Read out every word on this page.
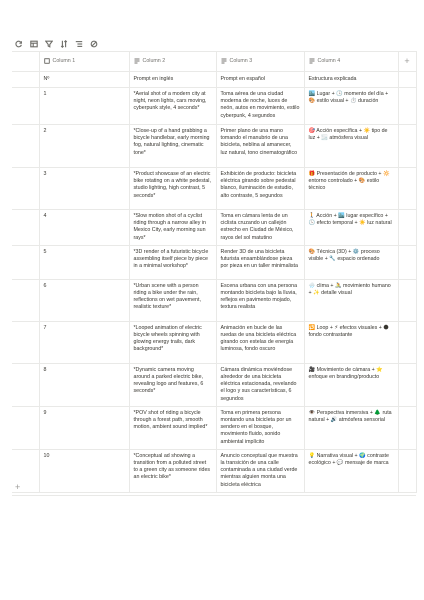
	Column 1	Column 2	Column 3	Column 4	+
	Nº	Prompt en inglés	Prompt en español	Estructura explicada	
	1	*Aerial shot of a modern city at night, neon lights, cars moving, cyberpunk style, 4 seconds*	Toma aérea de una ciudad moderna de noche, luces de neón, autos en movimiento, estilo cyberpunk, 4 segundos	🏙️ Lugar + 🕒 momento del día + 🎨 estilo visual + ⏱️ duración	
	2	*Close-up of a hand grabbing a bicycle handlebar, early morning fog, natural lighting, cinematic tone*	Primer plano de una mano tomando el manubrio de una bicicleta, neblina al amanecer, luz natural, tono cinematográfico	🎯 Acción específica + ☀️ tipo de luz + 🌫️ atmósfera visual	
	3	*Product showcase of an electric bike rotating on a white pedestal, studio lighting, high contrast, 5 seconds*	Exhibición de producto: bicicleta eléctrica girando sobre pedestal blanco, iluminación de estudio, alto contraste, 5 segundos	🎁 Presentación de producto + 🔆 entorno controlado + 🎨 estilo técnico	
	4	*Slow motion shot of a cyclist riding through a narrow alley in Mexico City, early morning sun rays*	Toma en cámara lenta de un ciclista cruzando un callejón estrecho en Ciudad de México, rayos del sol matutino	🚶 Acción + 🏙️ lugar específico + 🕒 efecto temporal + ☀️ luz natural	
	5	*3D render of a futuristic bicycle assembling itself piece by piece in a minimal workshop*	Render 3D de una bicicleta futurista ensamblándose pieza por pieza en un taller minimalista	🎨 Técnica (3D) + ⚙️ proceso visible + 🔧 espacio ordenado	
	6	*Urban scene with a person riding a bike under the rain, reflections on wet pavement, realistic texture*	Escena urbana con una persona montando bicicleta bajo la lluvia, reflejos en pavimento mojado, textura realista	🌧️ clima + 🚴 movimiento humano + ✨ detalle visual	
	7	*Looped animation of electric bicycle wheels spinning with glowing energy trails, dark background*	Animación en bucle de las ruedas de una bicicleta eléctrica girando con estelas de energía luminosa, fondo oscuro	🔁 Loop + ⚡ efectos visuales + 🌑 fondo contrastante	
	8	*Dynamic camera moving around a parked electric bike, revealing logo and features, 6 seconds*	Cámara dinámica moviéndose alrededor de una bicicleta eléctrica estacionada, revelando el logo y sus características, 6 segundos	🎥 Movimiento de cámara + ⭐ enfoque en branding/producto	
	9	*POV shot of riding a bicycle through a forest path, smooth motion, ambient sound implied*	Toma en primera persona montando una bicicleta por un sendero en el bosque, movimiento fluido, sonido ambiental implícito	👁️ Perspectiva inmersiva + 🌲 ruta natural + 🔊 atmósfera sensorial	
	10	*Conceptual ad showing a transition from a polluted street to a green city as someone rides an electric bike*	Anuncio conceptual que muestra la transición de una calle contaminada a una ciudad verde mientras alguien monta una bicicleta eléctrica	💡 Narrativa visual + 🌍 contraste ecológico + 💬 mensaje de marca	
+
